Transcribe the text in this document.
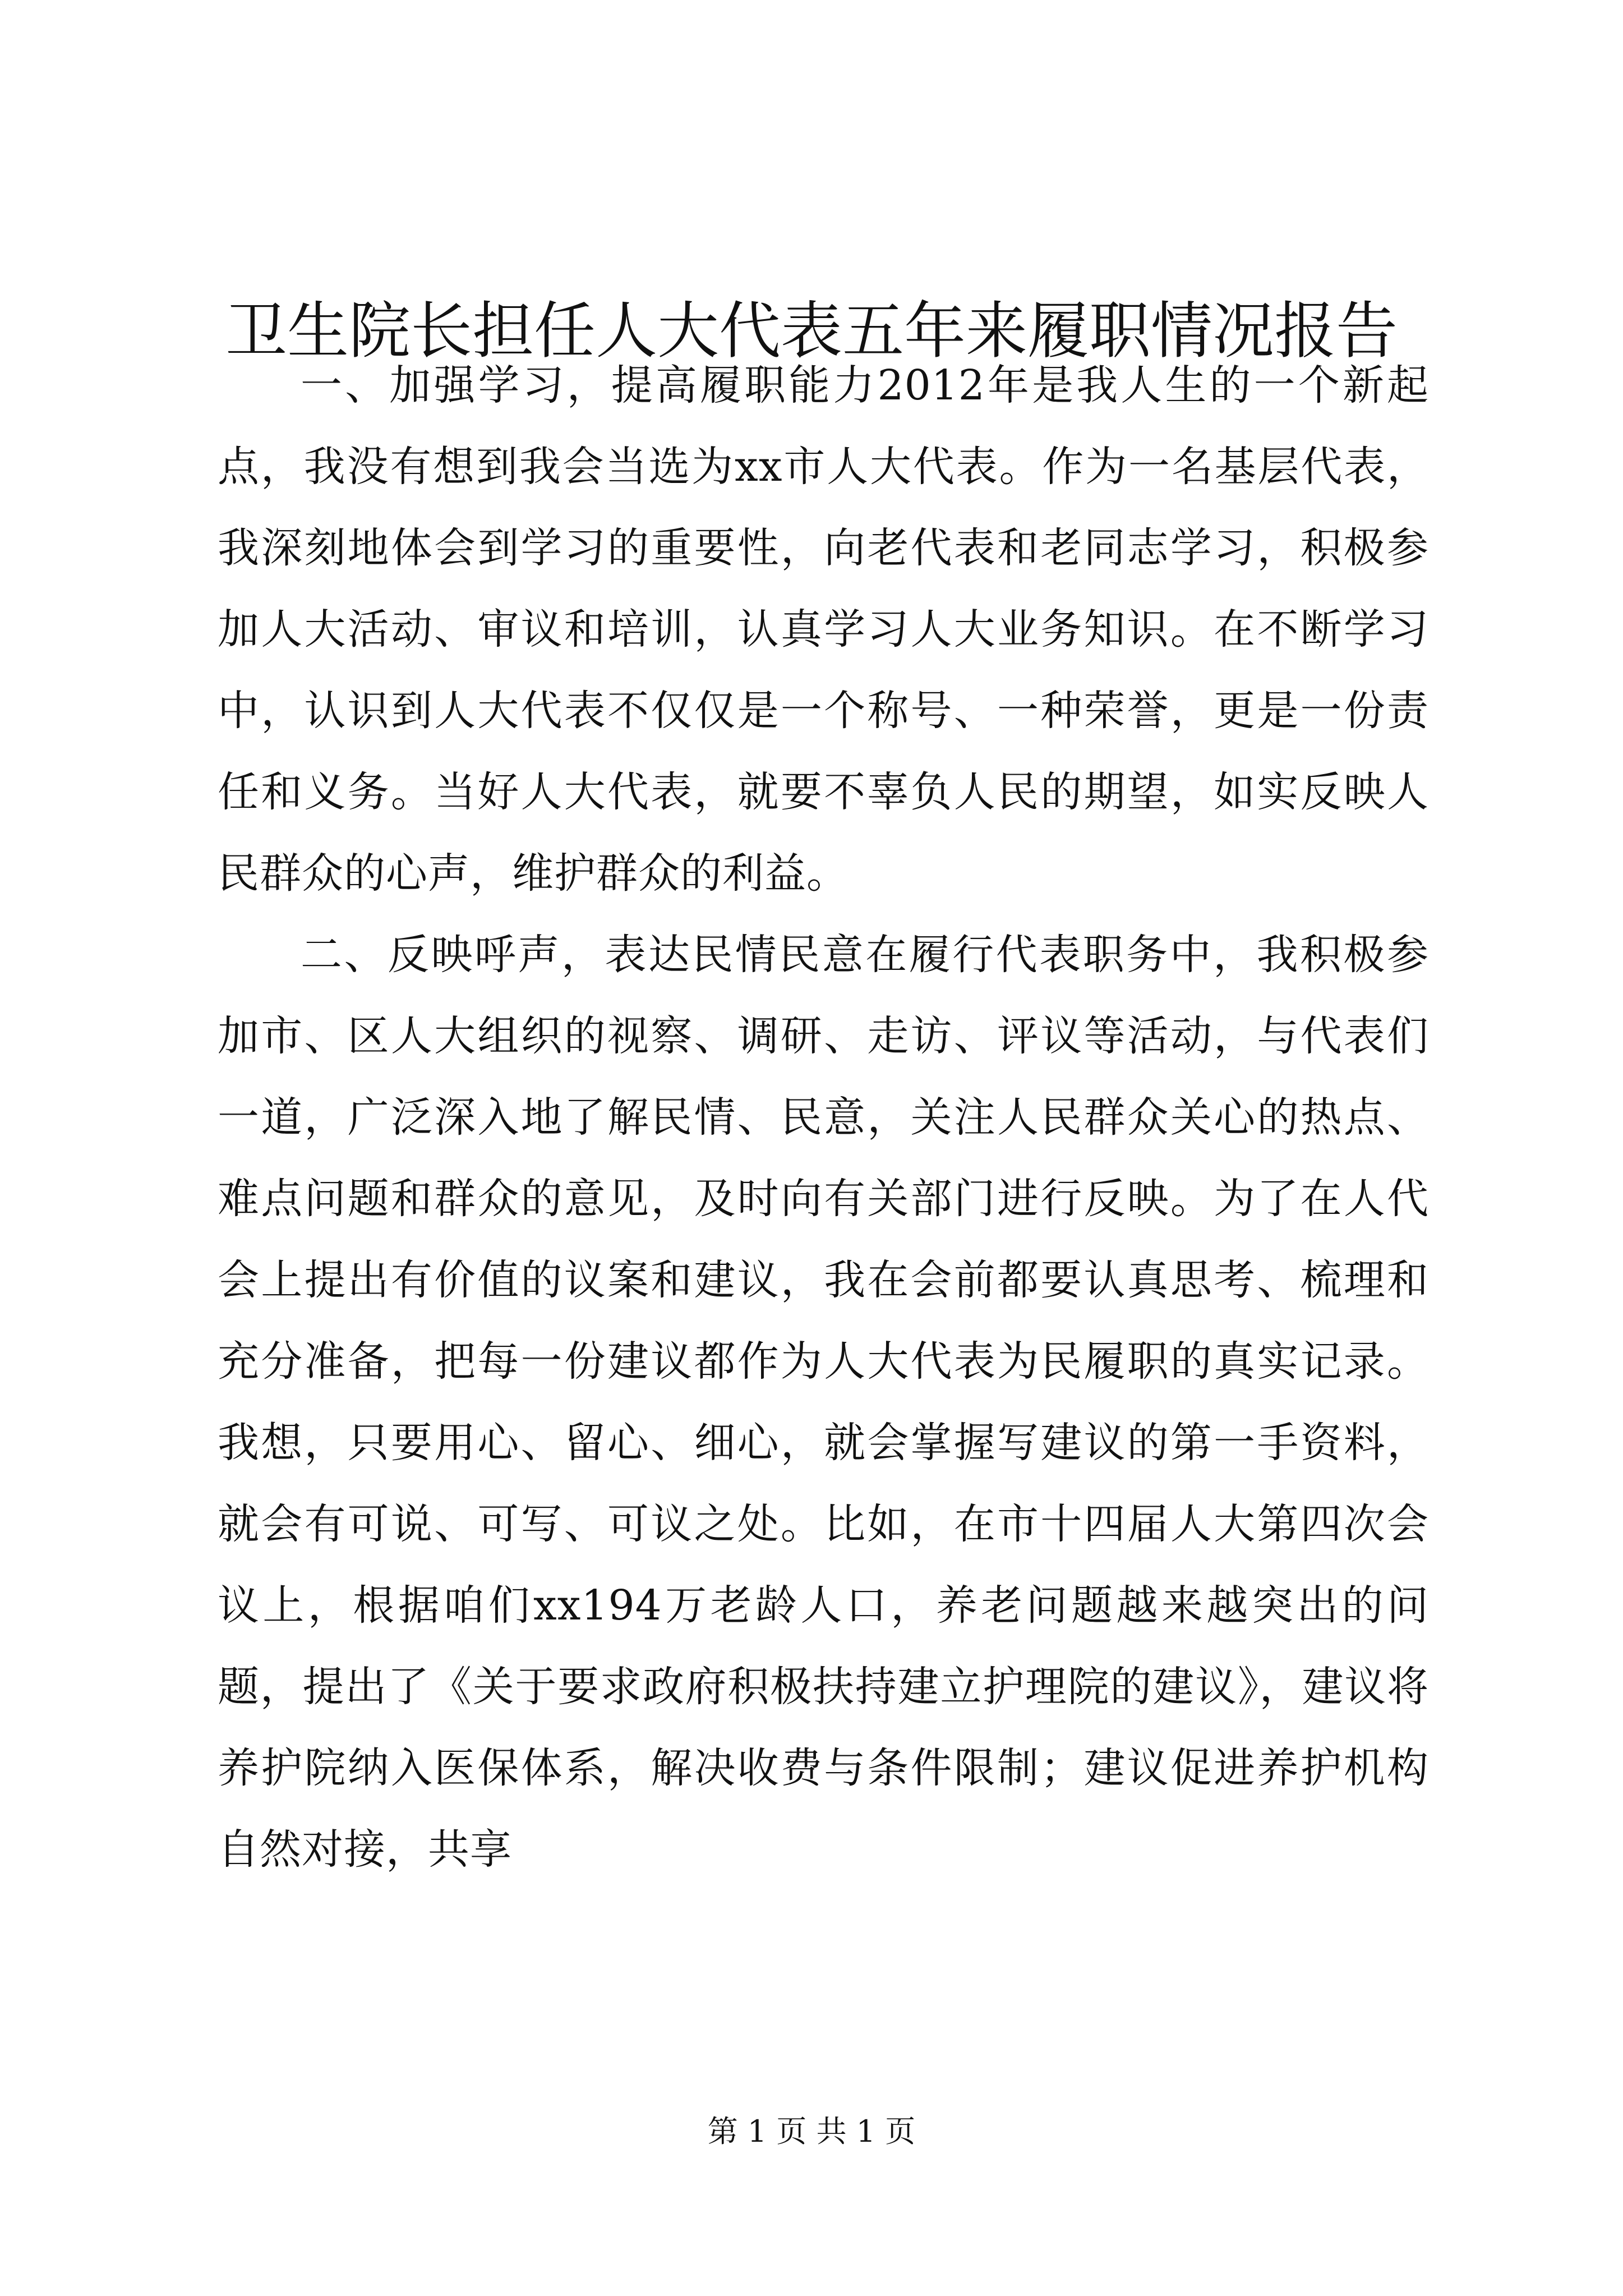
卫生院长担任人大代表五年来履职情况报告

一、加强学习，提高履职能力2012年是我人生的一个新起点，我没有想到我会当选为xx市人大代表。作为一名基层代表，我深刻地体会到学习的重要性，向老代表和老同志学习，积极参加人大活动、审议和培训，认真学习人大业务知识。在不断学习中，认识到人大代表不仅仅是一个称号、一种荣誉，更是一份责任和义务。当好人大代表，就要不辜负人民的期望，如实反映人民群众的心声，维护群众的利益。

二、反映呼声，表达民情民意在履行代表职务中，我积极参加市、区人大组织的视察、调研、走访、评议等活动，与代表们一道，广泛深入地了解民情、民意，关注人民群众关心的热点、难点问题和群众的意见，及时向有关部门进行反映。为了在人代会上提出有价值的议案和建议，我在会前都要认真思考、梳理和充分准备，把每一份建议都作为人大代表为民履职的真实记录。我想，只要用心、留心、细心，就会掌握写建议的第一手资料，就会有可说、可写、可议之处。比如，在市十四届人大第四次会议上，根据咱们xx194万老龄人口，养老问题越来越突出的问题，提出了《关于要求政府积极扶持建立护理院的建议》，建议将养护院纳入医保体系，解决收费与条件限制；建议促进养护机构自然对接，共享

第 1 页 共 1 页
